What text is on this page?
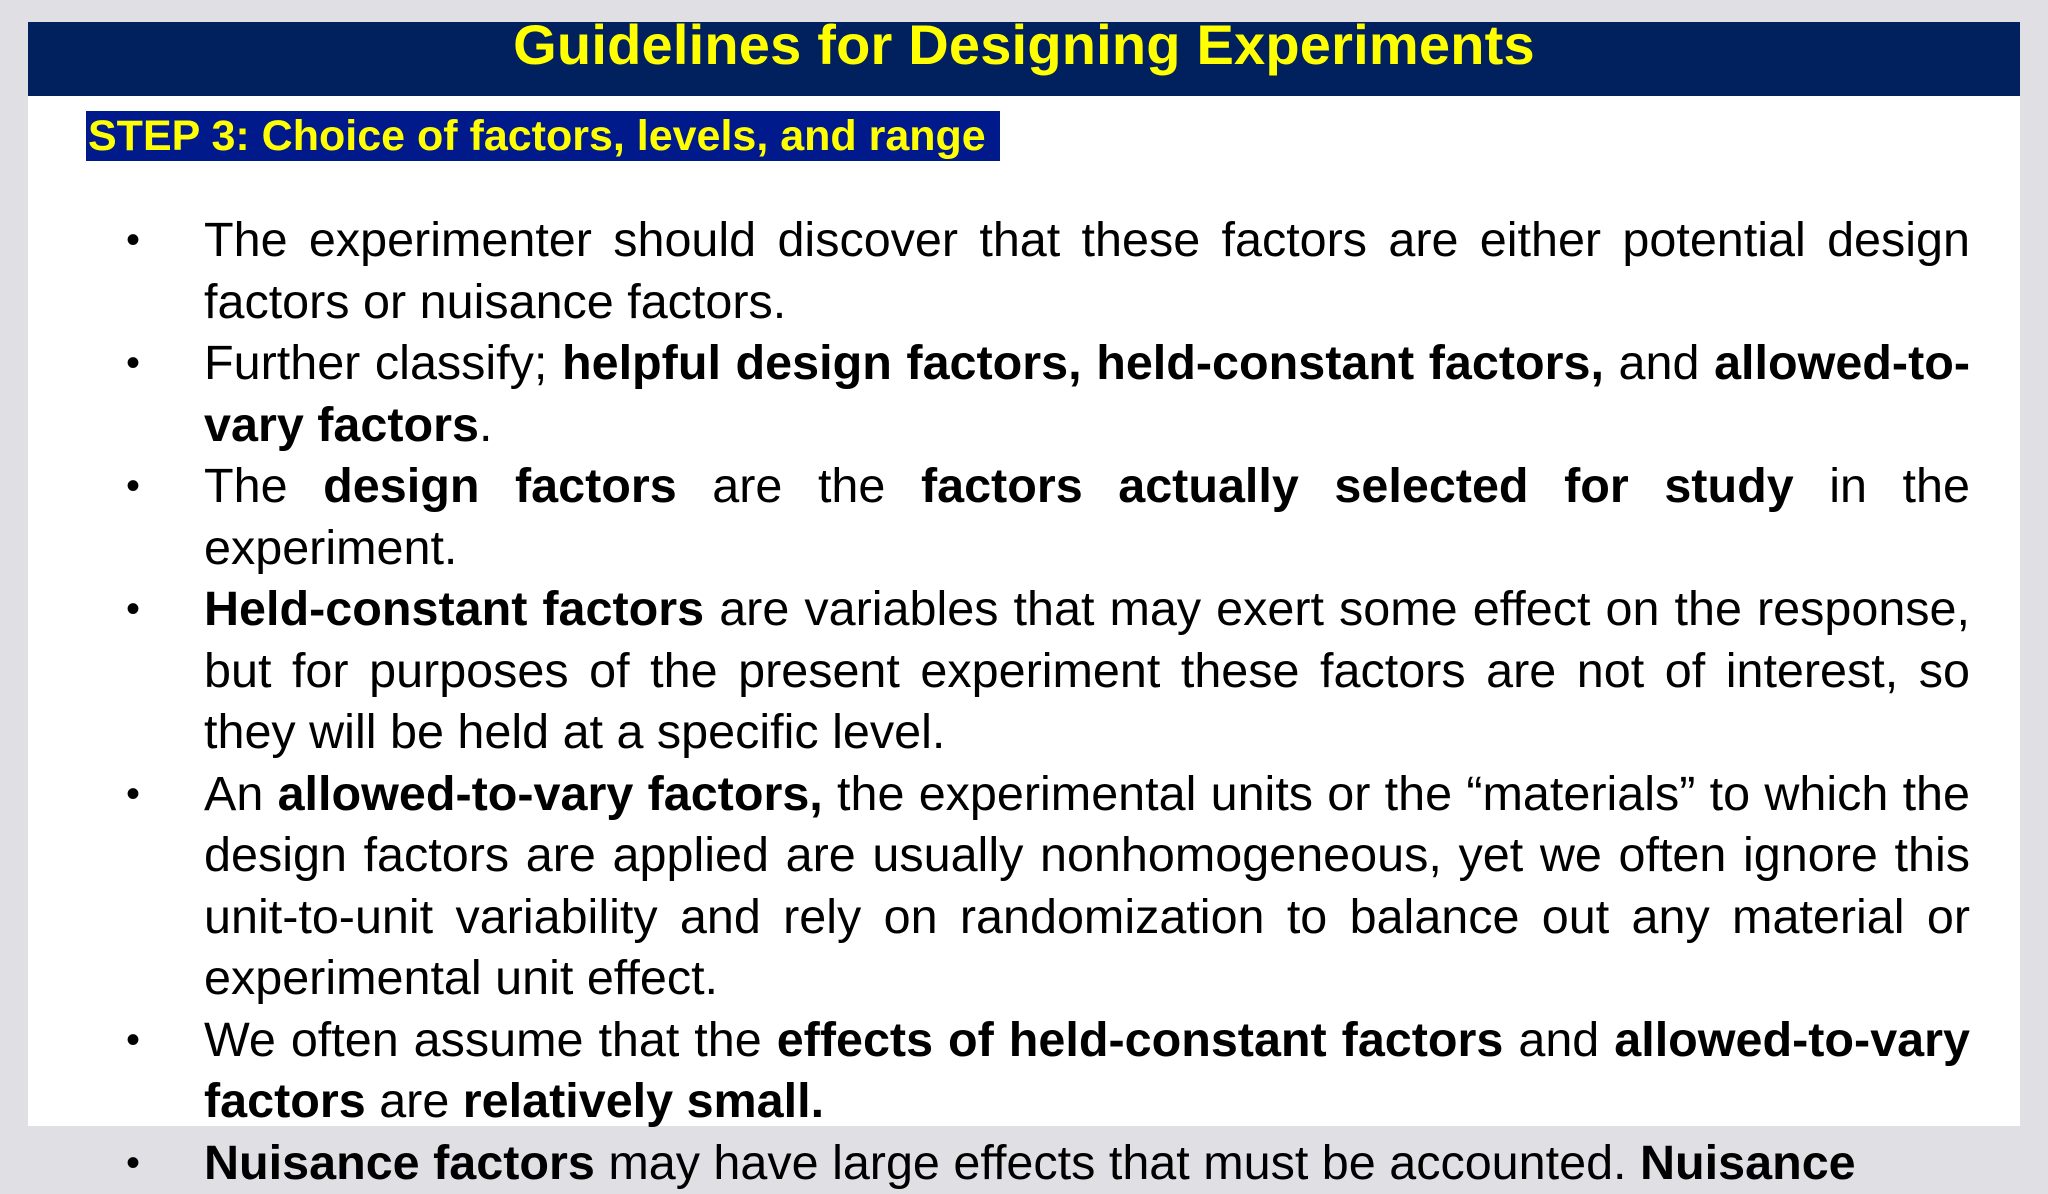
Guidelines for Designing Experiments
STEP 3: Choice of factors, levels, and range
• The experimenter should discover that these factors are either potential design factors or nuisance factors.
• Further classify; helpful design factors, held-constant factors, and allowed-to-vary factors.
• The design factors are the factors actually selected for study in the experiment.
• Held-constant factors are variables that may exert some effect on the response, but for purposes of the present experiment these factors are not of interest, so they will be held at a specific level.
• An allowed-to-vary factors, the experimental units or the “materials” to which the design factors are applied are usually nonhomogeneous, yet we often ignore this unit-to-unit variability and rely on randomization to balance out any material or experimental unit effect.
• We often assume that the effects of held-constant factors and allowed-to-vary factors are relatively small.
• Nuisance factors may have large effects that must be accounted. Nuisance
